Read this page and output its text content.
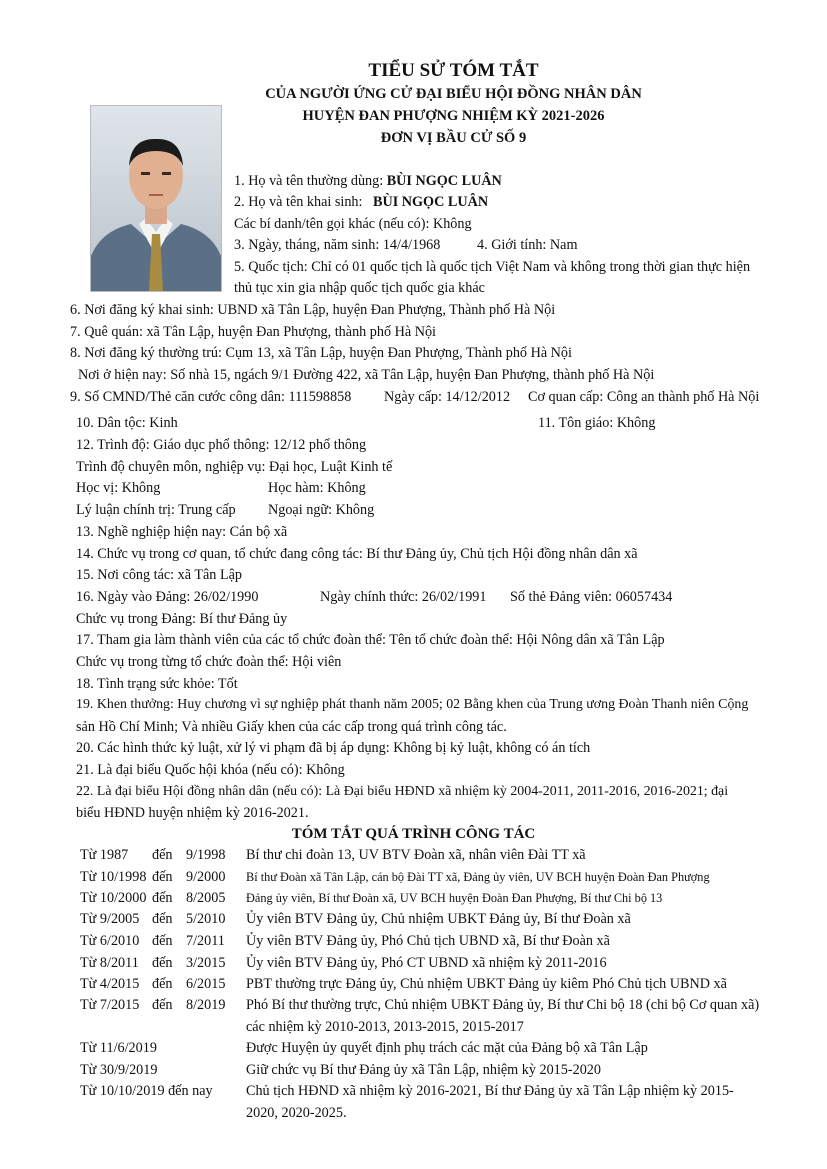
TIỂU SỬ TÓM TẮT
CỦA NGƯỜI ỨNG CỬ ĐẠI BIỂU HỘI ĐỒNG NHÂN DÂN
HUYỆN ĐAN PHƯỢNG NHIỆM KỲ 2021-2026
ĐƠN VỊ BẦU CỬ SỐ 9
1. Họ và tên thường dùng: BÙI NGỌC LUÂN
2. Họ và tên khai sinh:BÙI NGỌC LUÂN
Các bí danh/tên gọi khác (nếu có): Không
3. Ngày, tháng, năm sinh: 14/4/1968	4. Giới tính: Nam
5. Quốc tịch: Chỉ có 01 quốc tịch là quốc tịch Việt Nam và không trong thời gian thực hiện
thủ tục xin gia nhập quốc tịch quốc gia khác
6. Nơi đăng ký khai sinh: UBND xã Tân Lập, huyện Đan Phượng, Thành phố Hà Nội
7. Quê quán: xã Tân Lập, huyện Đan Phượng, thành phố Hà Nội
8. Nơi đăng ký thường trú: Cụm 13, xã Tân Lập, huyện Đan Phượng, Thành phố Hà Nội
Nơi ở hiện nay: Số nhà 15, ngách 9/1 Đường 422, xã Tân Lập, huyện Đan Phượng, thành phố Hà Nội
9. Số CMND/Thẻ căn cước công dân: 111598858 Ngày cấp: 14/12/2012 Cơ quan cấp: Công an thành phố Hà Nội
10. Dân tộc: Kinh	11. Tôn giáo: Không
12. Trình độ: Giáo dục phổ thông: 12/12 phổ thông
Trình độ chuyên môn, nghiệp vụ: Đại học, Luật Kinh tế
Học vị: Không	Học hàm: Không
Lý luận chính trị: Trung cấp Ngoại ngữ: Không
13. Nghề nghiệp hiện nay: Cán bộ xã
14. Chức vụ trong cơ quan, tổ chức đang công tác: Bí thư Đảng ủy, Chủ tịch Hội đồng nhân dân xã
15. Nơi công tác: xã Tân Lập
16. Ngày vào Đảng: 26/02/1990	Ngày chính thức: 26/02/1991 Số thẻ Đảng viên: 06057434
Chức vụ trong Đảng: Bí thư Đảng ủy
17. Tham gia làm thành viên của các tổ chức đoàn thể: Tên tổ chức đoàn thể: Hội Nông dân xã Tân Lập
Chức vụ trong từng tổ chức đoàn thể: Hội viên
18. Tình trạng sức khỏe: Tốt
19. Khen thưởng: Huy chương vì sự nghiệp phát thanh năm 2005; 02 Bằng khen của Trung ương Đoàn Thanh niên Cộng
sản Hồ Chí Minh; Và nhiều Giấy khen của các cấp trong quá trình công tác.
20. Các hình thức kỷ luật, xử lý vi phạm đã bị áp dụng: Không bị kỷ luật, không có án tích
21. Là đại biểu Quốc hội khóa (nếu có): Không
22. Là đại biểu Hội đồng nhân dân (nếu có): Là Đại biểu HĐND xã nhiệm kỳ 2004-2011, 2011-2016, 2016-2021; đại
biểu HĐND huyện nhiệm kỳ 2016-2021.
TÓM TẮT QUÁ TRÌNH CÔNG TÁC
Từ 1987 đến 9/1998 Bí thư chi đoàn 13, UV BTV Đoàn xã, nhân viên Đài TT xã
Từ 10/1998 đến 9/2000 Bí thư Đoàn xã Tân Lập, cán bộ Đài TT xã, Đảng ủy viên, UV BCH huyện Đoàn Đan Phượng
Từ 10/2000 đến 8/2005 Đảng ủy viên, Bí thư Đoàn xã, UV BCH huyện Đoàn Đan Phượng, Bí thư Chi bộ 13
Từ 9/2005 đến 5/2010 Ủy viên BTV Đảng ủy, Chủ nhiệm UBKT Đảng ủy, Bí thư Đoàn xã
Từ 6/2010 đến 7/2011 Ủy viên BTV Đảng ủy, Phó Chủ tịch UBND xã, Bí thư Đoàn xã
Từ 8/2011 đến 3/2015 Ủy viên BTV Đảng ủy, Phó CT UBND xã nhiệm kỳ 2011-2016
Từ 4/2015 đến 6/2015 PBT thường trực Đảng ủy, Chủ nhiệm UBKT Đảng ủy kiêm Phó Chủ tịch UBND xã
Từ 7/2015 đến 8/2019 Phó Bí thư thường trực, Chủ nhiệm UBKT Đảng ủy, Bí thư Chi bộ 18 (chi bộ Cơ quan xã)
các nhiệm kỳ 2010-2013, 2013-2015, 2015-2017
Từ 11/6/2019	Được Huyện ủy quyết định phụ trách các mặt của Đảng bộ xã Tân Lập
Từ 30/9/2019	Giữ chức vụ Bí thư Đảng ủy xã Tân Lập, nhiệm kỳ 2015-2020
Từ 10/10/2019 đến nay Chủ tịch HĐND xã nhiệm kỳ 2016-2021, Bí thư Đảng ủy xã Tân Lập nhiệm kỳ 2015-
2020, 2020-2025.
